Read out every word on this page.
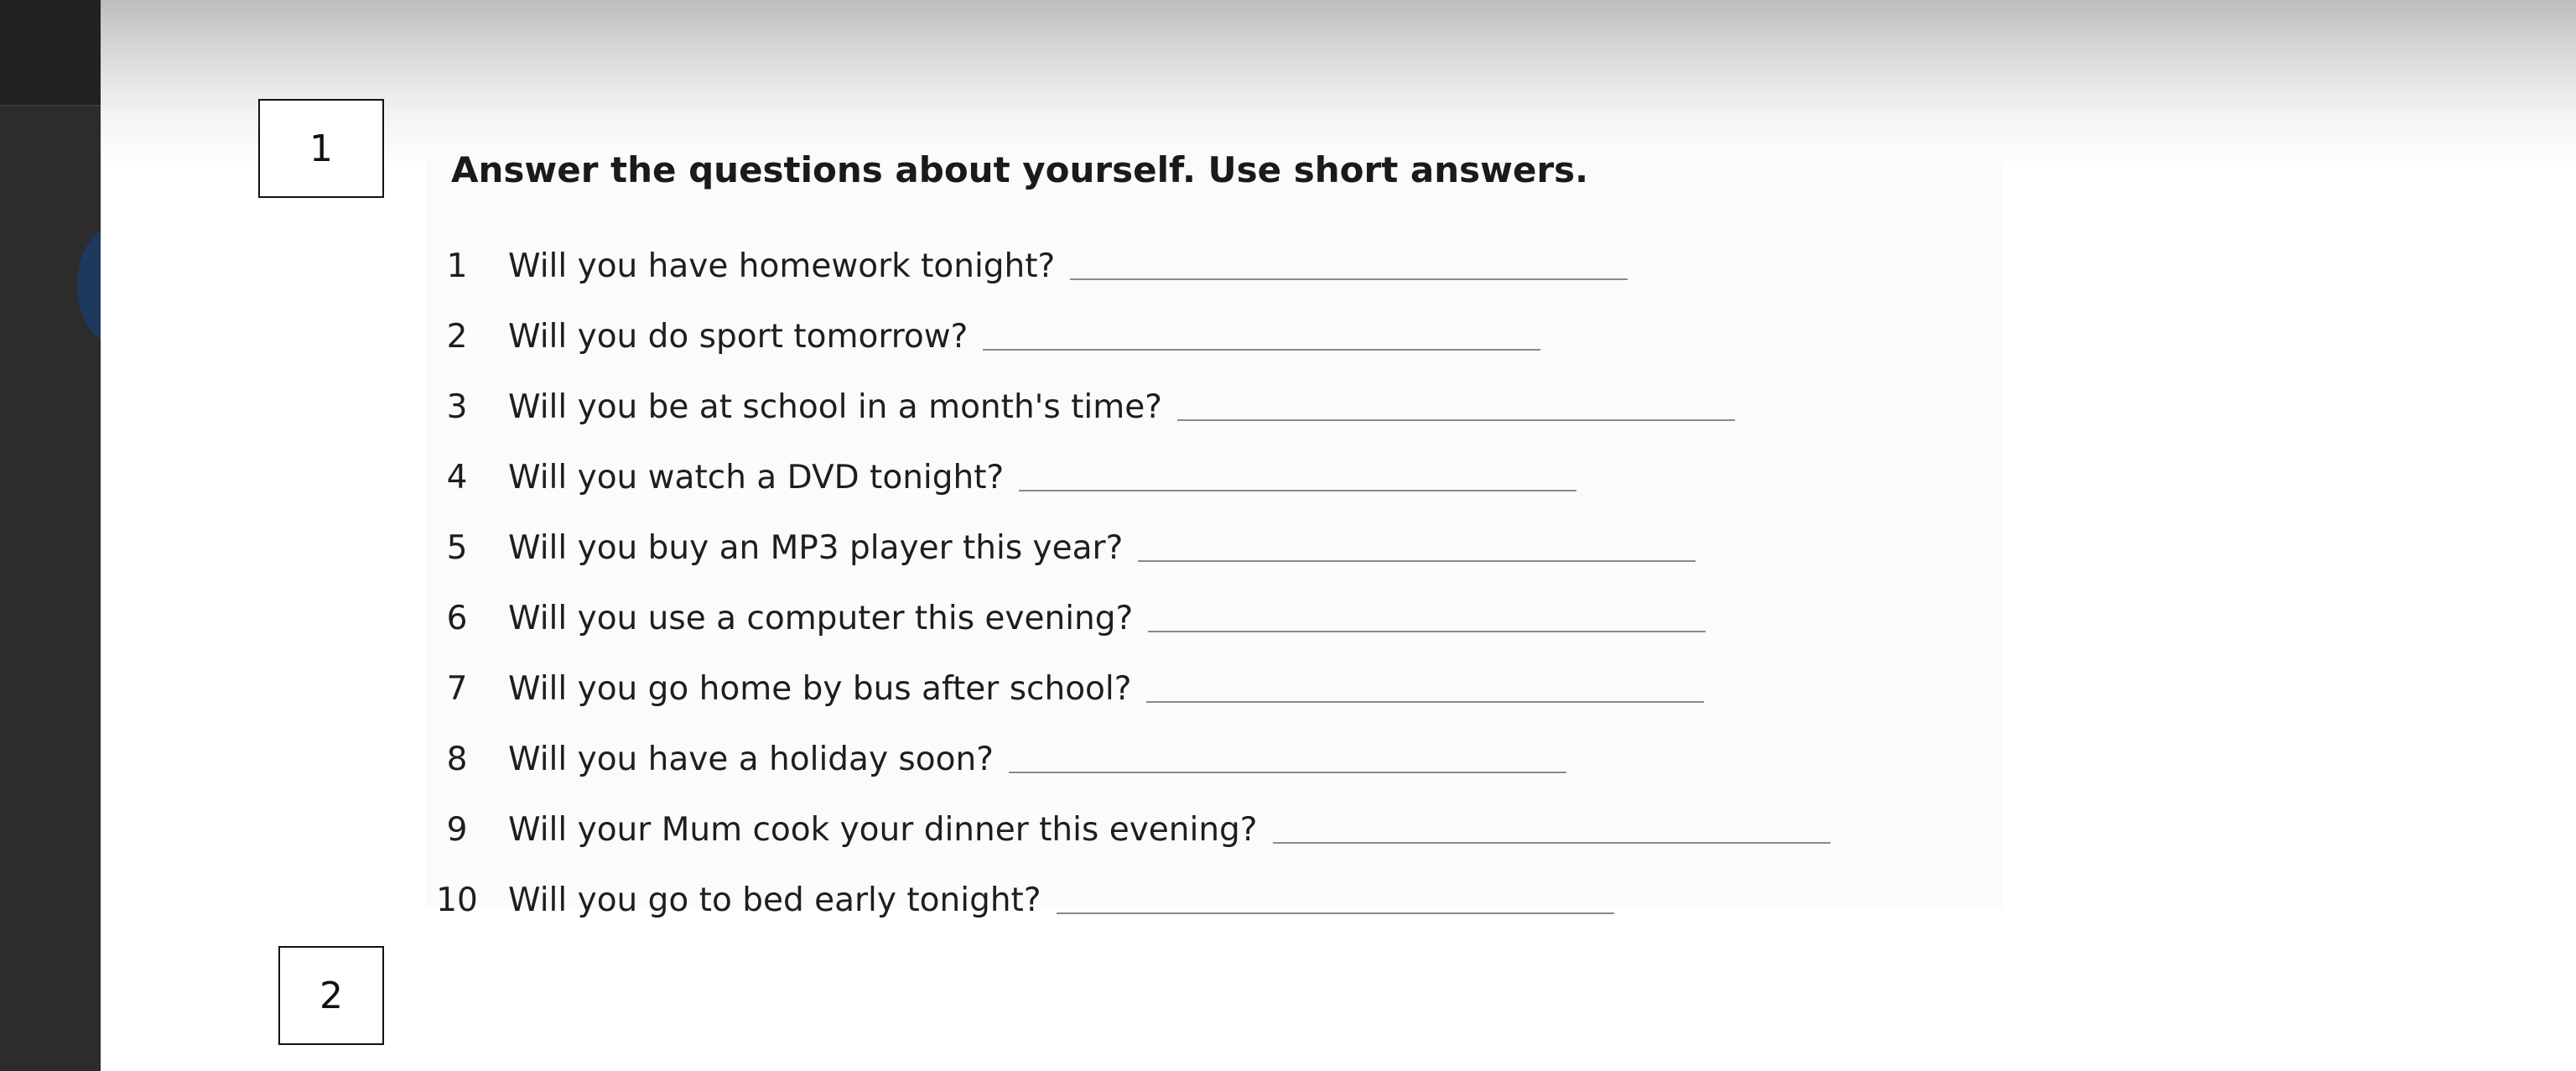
1	Answer the questions about yourself. Use short answers.
1	Will you have homework tonight?
2	Will you do sport tomorrow?
3	Will you be at school in a month's time?
4	Will you watch a DVD tonight?
5	Will you buy an MP3 player this year?
6	Will you use a computer this evening?
7	Will you go home by bus after school?
8	Will you have a holiday soon?
9	Will your Mum cook your dinner this evening?
10 Will you go to bed early tonight?
2
